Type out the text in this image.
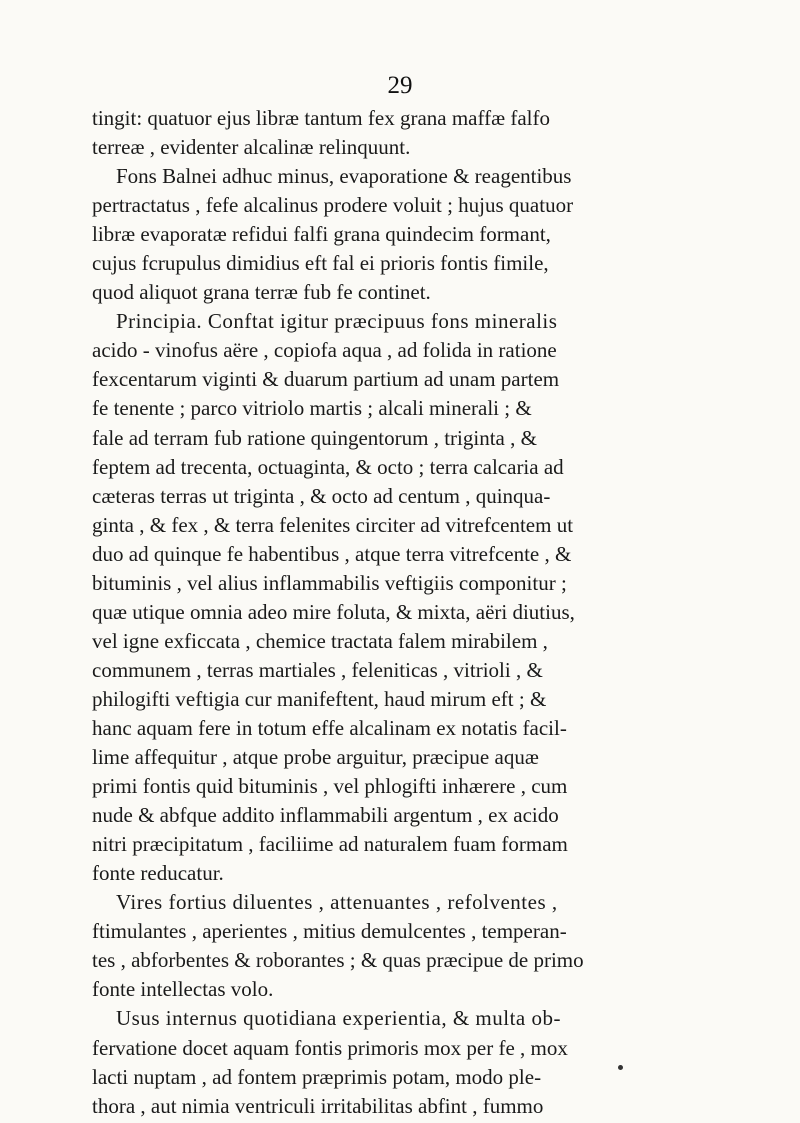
29
tingit: quatuor ejus libræ tantum fex grana maffæ falfo
terreæ , evidenter alcalinæ relinquunt.
Fons Balnei adhuc minus, evaporatione & reagentibus
pertractatus , fefe alcalinus prodere voluit ; hujus quatuor
libræ evaporatæ refidui falfi grana quindecim formant,
cujus fcrupulus dimidius eft fal ei prioris fontis fimile,
quod aliquot grana terræ fub fe continet.
Principia. Conftat igitur præcipuus fons mineralis
acido - vinofus aëre , copiofa aqua , ad folida in ratione
fexcentarum viginti & duarum partium ad unam partem
fe tenente ; parco vitriolo martis ; alcali minerali ; &
fale ad terram fub ratione quingentorum , triginta , &
feptem ad trecenta, octuaginta, & octo ; terra calcaria ad
cæteras terras ut triginta , & octo ad centum , quinqua-
ginta , & fex , & terra felenites circiter ad vitrefcentem ut
duo ad quinque fe habentibus , atque terra vitrefcente , &
bituminis , vel alius inflammabilis veftigiis componitur ;
quæ utique omnia adeo mire foluta, & mixta, aëri diutius,
vel igne exficcata , chemice tractata falem mirabilem ,
communem , terras martiales , feleniticas , vitrioli , &
philogifti veftigia cur manifeftent, haud mirum eft ; &
hanc aquam fere in totum effe alcalinam ex notatis facil-
lime affequitur , atque probe arguitur, præcipue aquæ
primi fontis quid bituminis , vel phlogifti inhærere , cum
nude & abfque addito inflammabili argentum , ex acido
nitri præcipitatum , faciliime ad naturalem fuam formam
fonte reducatur.
Vires fortius diluentes , attenuantes , refolventes ,
ftimulantes , aperientes , mitius demulcentes , temperan-
tes , abforbentes & roborantes ; & quas præcipue de primo
fonte intellectas volo.
Usus internus quotidiana experientia, & multa ob-
fervatione docet aquam fontis primoris mox per fe , mox
lacti nuptam , ad fontem præprimis potam, modo ple-
thora , aut nimia ventriculi irritabilitas abfint , fummo
